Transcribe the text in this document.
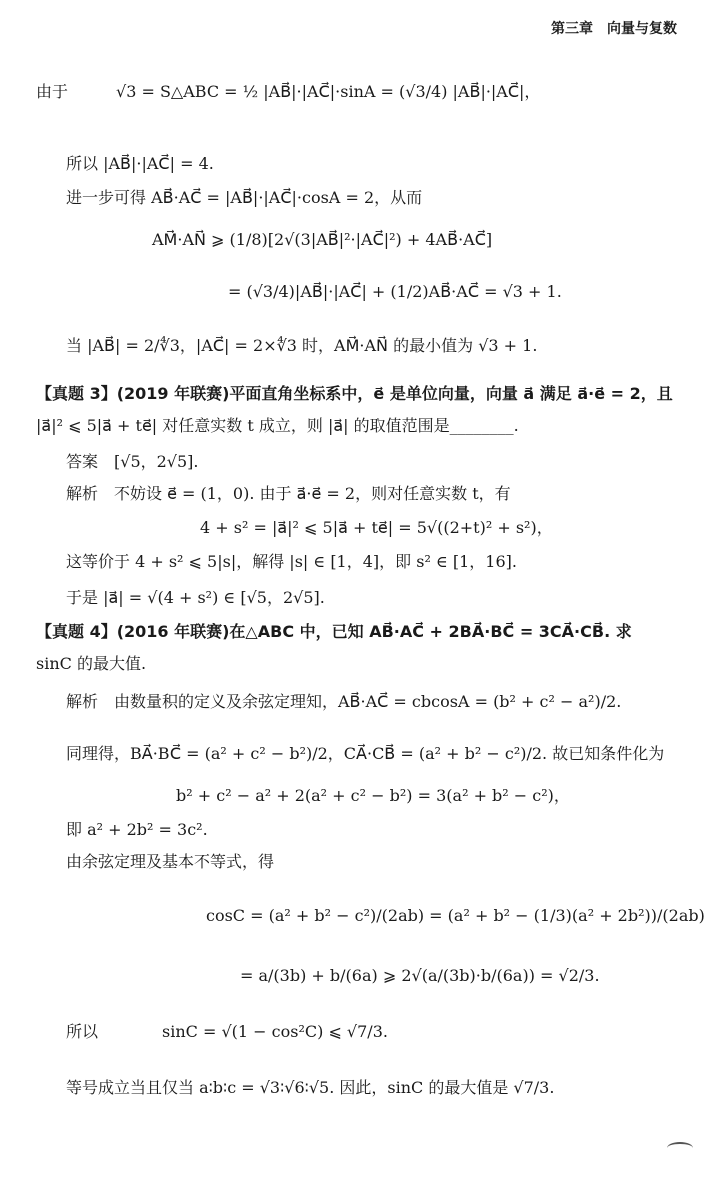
第三章　向量与复数
由于　　　√3 = S△ABC = ½ |AB⃗|·|AC⃗|·sinA = (√3/4) |AB⃗|·|AC⃗|，
所以 |AB⃗|·|AC⃗| = 4.
进一步可得 AB⃗·AC⃗ = |AB⃗|·|AC⃗|·cosA = 2，从而
AM⃗·AN⃗ ⩾ (1/8)[2√(3|AB⃗|²·|AC⃗|²) + 4AB⃗·AC⃗]
= (√3/4)|AB⃗|·|AC⃗| + (1/2)AB⃗·AC⃗ = √3 + 1.
当 |AB⃗| = 2/∜3，|AC⃗| = 2×∜3 时，AM⃗·AN⃗ 的最小值为 √3 + 1.
【真题 3】(2019 年联赛)平面直角坐标系中，e⃗ 是单位向量，向量 a⃗ 满足 a⃗·e⃗ = 2，且
|a⃗|² ⩽ 5|a⃗ + te⃗| 对任意实数 t 成立，则 |a⃗| 的取值范围是________.
答案　[√5，2√5].
解析　不妨设 e⃗ = (1，0). 由于 a⃗·e⃗ = 2，则对任意实数 t，有
4 + s² = |a⃗|² ⩽ 5|a⃗ + te⃗| = 5√((2+t)² + s²)，
这等价于 4 + s² ⩽ 5|s|，解得 |s| ∈ [1，4]，即 s² ∈ [1，16].
于是 |a⃗| = √(4 + s²) ∈ [√5，2√5].
【真题 4】(2016 年联赛)在△ABC 中，已知 AB⃗·AC⃗ + 2BA⃗·BC⃗ = 3CA⃗·CB⃗. 求
sinC 的最大值.
解析　由数量积的定义及余弦定理知，AB⃗·AC⃗ = cbcosA = (b² + c² − a²)/2.
同理得，BA⃗·BC⃗ = (a² + c² − b²)/2，CA⃗·CB⃗ = (a² + b² − c²)/2. 故已知条件化为
b² + c² − a² + 2(a² + c² − b²) = 3(a² + b² − c²)，
即 a² + 2b² = 3c².
由余弦定理及基本不等式，得
cosC = (a² + b² − c²)/(2ab) = (a² + b² − (1/3)(a² + 2b²))/(2ab)
= a/(3b) + b/(6a) ⩾ 2√(a/(3b)·b/(6a)) = √2/3.
所以　　　　sinC = √(1 − cos²C) ⩽ √7/3.
等号成立当且仅当 a∶b∶c = √3∶√6∶√5. 因此，sinC 的最大值是 √7/3.
